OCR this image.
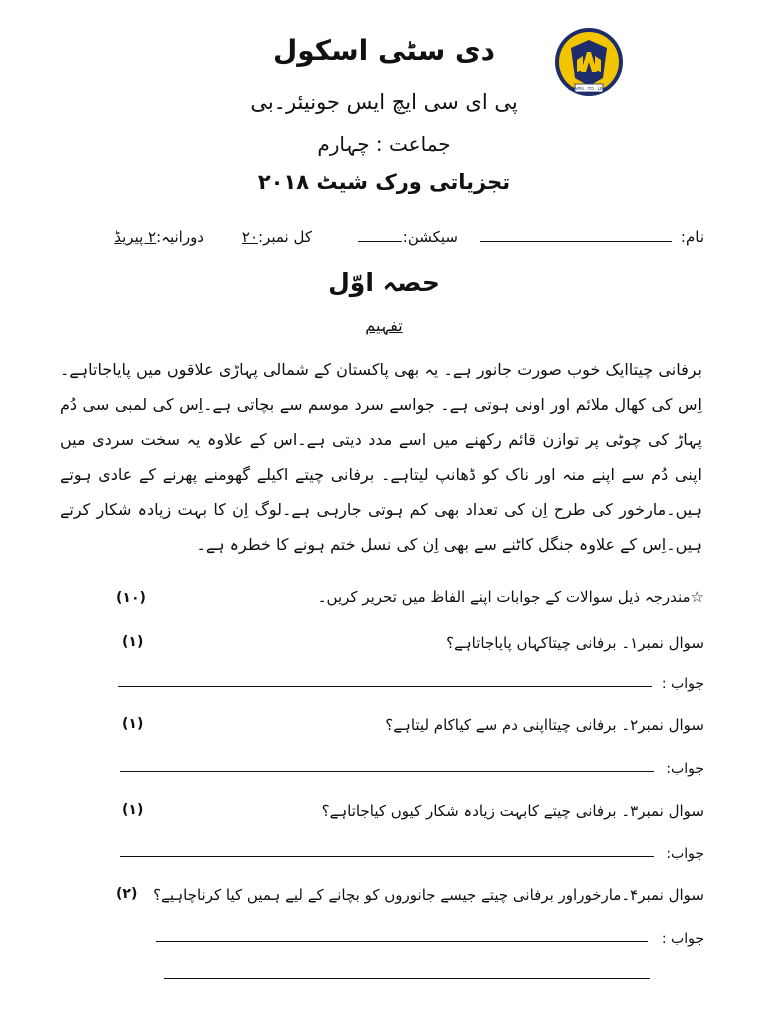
LEARN . TO . LEAD
دی سٹی اسکول
پی ای سی ایچ ایس جونیئر۔بی
جماعت : چہارم
تجزیاتی ورک شیٹ ۲۰۱۸
نام:
سیکشن:
کل نمبر:۲۰
دورانیہ:۲ پیریڈ
حصہ اوّل
تفہیم
برفانی چیتاایک خوب صورت جانور ہے۔ یہ بھی پاکستان کے شمالی پہاڑی علاقوں میں پایاجاتاہے۔اِس کی کھال ملائم اور اونی ہوتی ہے۔ جواسے سرد موسم سے بچاتی ہے۔اِس کی لمبی سی دُم پہاڑ کی چوٹی پر توازن قائم رکھنے میں اسے مدد دیتی ہے۔اس کے علاوہ یہ سخت سردی میں اپنی دُم سے اپنے منہ اور ناک کو ڈھانپ لیتاہے۔ برفانی چیتے اکیلے گھومنے پھرنے کے عادی ہوتے ہیں۔مارخور کی طرح اِن کی تعداد بھی کم ہوتی جارہی ہے۔لوگ اِن کا بہت زیادہ شکار کرتے ہیں۔اِس کے علاوہ جنگل کاٹنے سے بھی اِن کی نسل ختم ہونے کا خطرہ ہے۔
☆مندرجہ ذیل سوالات کے جوابات اپنے الفاظ میں تحریر کریں۔
(۱۰)
سوال نمبر۱۔ برفانی چیتاکہاں پایاجاتاہے؟
(۱)
جواب :
سوال نمبر۲۔ برفانی چیتااپنی دم سے کیاکام لیتاہے؟
(۱)
جواب:
سوال نمبر۳۔ برفانی چیتے کابہت زیادہ شکار کیوں کیاجاتاہے؟
(۱)
جواب:
سوال نمبر۴۔مارخوراور برفانی چیتے جیسے جانوروں کو بچانے کے لیے ہمیں کیا کرناچاہیے؟
(۲)
جواب :
